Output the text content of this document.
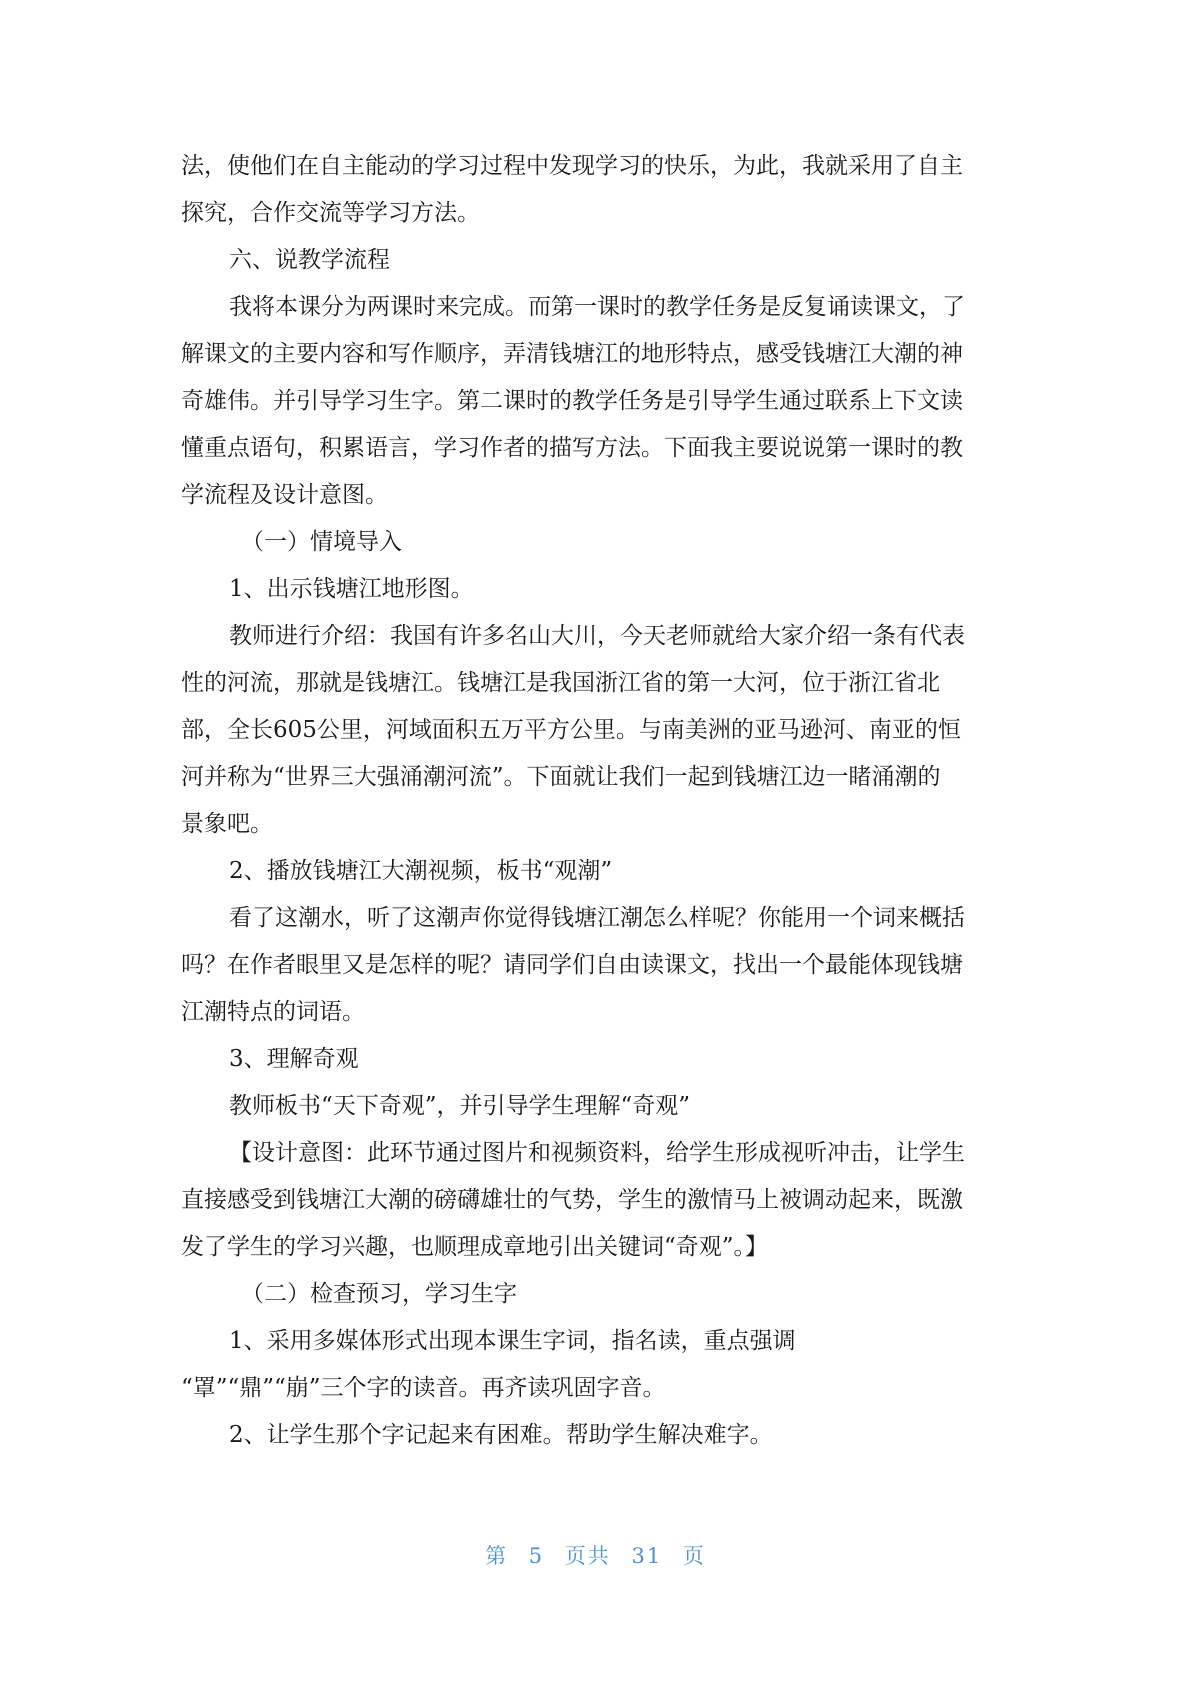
法，使他们在自主能动的学习过程中发现学习的快乐，为此，我就采用了自主

探究，合作交流等学习方法。

六、说教学流程

我将本课分为两课时来完成。而第一课时的教学任务是反复诵读课文，了

解课文的主要内容和写作顺序，弄清钱塘江的地形特点，感受钱塘江大潮的神

奇雄伟。并引导学习生字。第二课时的教学任务是引导学生通过联系上下文读

懂重点语句，积累语言，学习作者的描写方法。下面我主要说说第一课时的教

学流程及设计意图。

（一）情境导入

1、出示钱塘江地形图。

教师进行介绍：我国有许多名山大川，今天老师就给大家介绍一条有代表

性的河流，那就是钱塘江。钱塘江是我国浙江省的第一大河，位于浙江省北

部，全长605公里，河域面积五万平方公里。与南美洲的亚马逊河、南亚的恒

河并称为“世界三大强涌潮河流”。下面就让我们一起到钱塘江边一睹涌潮的

景象吧。

2、播放钱塘江大潮视频，板书“观潮”

看了这潮水，听了这潮声你觉得钱塘江潮怎么样呢？你能用一个词来概括

吗？在作者眼里又是怎样的呢？请同学们自由读课文，找出一个最能体现钱塘

江潮特点的词语。

3、理解奇观

教师板书“天下奇观”，并引导学生理解“奇观”

【设计意图：此环节通过图片和视频资料，给学生形成视听冲击，让学生

直接感受到钱塘江大潮的磅礴雄壮的气势，学生的激情马上被调动起来，既激

发了学生的学习兴趣，也顺理成章地引出关键词“奇观”。】

（二）检查预习，学习生字

1、采用多媒体形式出现本课生字词，指名读，重点强调

“罩”“鼎”“崩”三个字的读音。再齐读巩固字音。

2、让学生那个字记起来有困难。帮助学生解决难字。

第 5 页共 31 页
